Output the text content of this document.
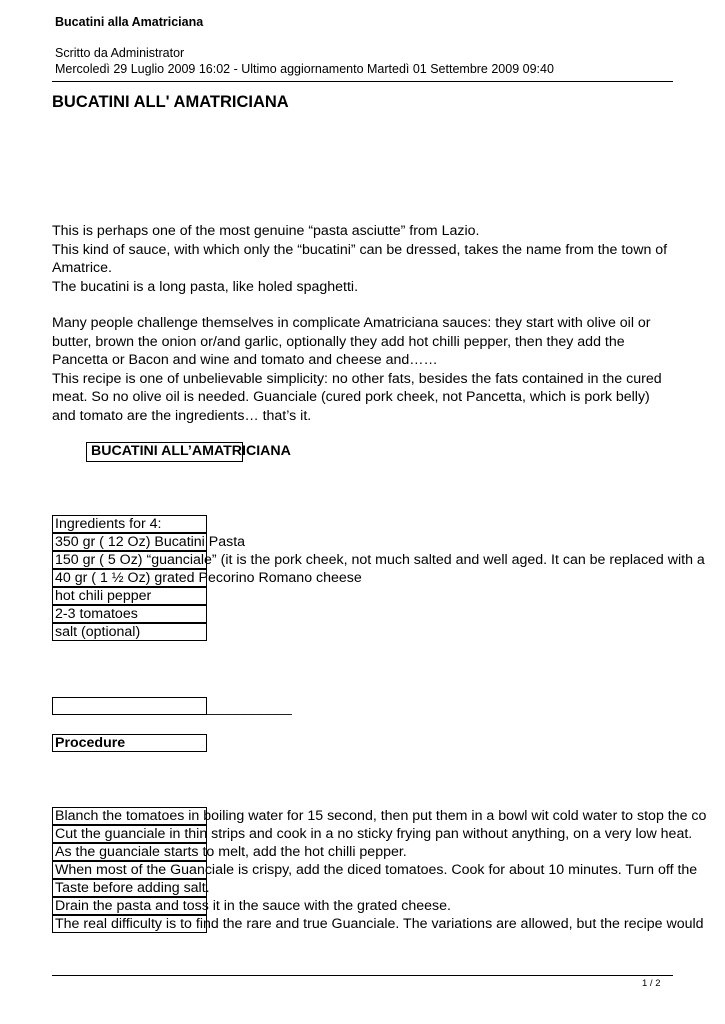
Bucatini alla Amatriciana
Scritto da Administrator
Mercoledì 29 Luglio 2009 16:02 - Ultimo aggiornamento Martedì 01 Settembre 2009 09:40
BUCATINI ALL' AMATRICIANA
This is perhaps one of the most genuine “pasta asciutte” from Lazio.
This kind of sauce, with which only the “bucatini” can be dressed, takes the name from the town of Amatrice.
The bucatini is a long pasta, like holed spaghetti.
Many people challenge themselves in complicate Amatriciana sauces: they start with olive oil or butter, brown the onion or/and garlic, optionally they add hot chilli pepper, then they add the Pancetta or Bacon and wine and tomato and cheese and……
This recipe is one of unbelievable simplicity: no other fats, besides the fats contained in the cured meat. So no olive oil is needed. Guanciale (cured pork cheek, not Pancetta, which is pork belly) and tomato are the ingredients… that’s it.
BUCATINI ALL’AMATRICIANA
Ingredients for 4:
350 gr ( 12 Oz) Bucatini Pasta
150 gr ( 5 Oz) “guanciale” (it is the pork cheek, not much salted and well aged. It can be replaced with a
40 gr ( 1 ½ Oz) grated Pecorino Romano cheese
hot chili pepper
2-3 tomatoes
salt (optional)
______________________________
Procedure
Blanch the tomatoes in boiling water for 15 second, then put them in a bowl wit cold water to stop the co
Cut the guanciale in thin strips and cook in a no sticky frying pan without anything, on a very low heat.
As the guanciale starts to melt, add the hot chilli pepper.
When most of the Guanciale is crispy, add the diced tomatoes. Cook for about 10 minutes. Turn off the
Taste before adding salt.
Drain the pasta and toss it in the sauce with the grated cheese.
The real difficulty is to find the rare and true Guanciale. The variations are allowed, but the recipe would
1 / 2
